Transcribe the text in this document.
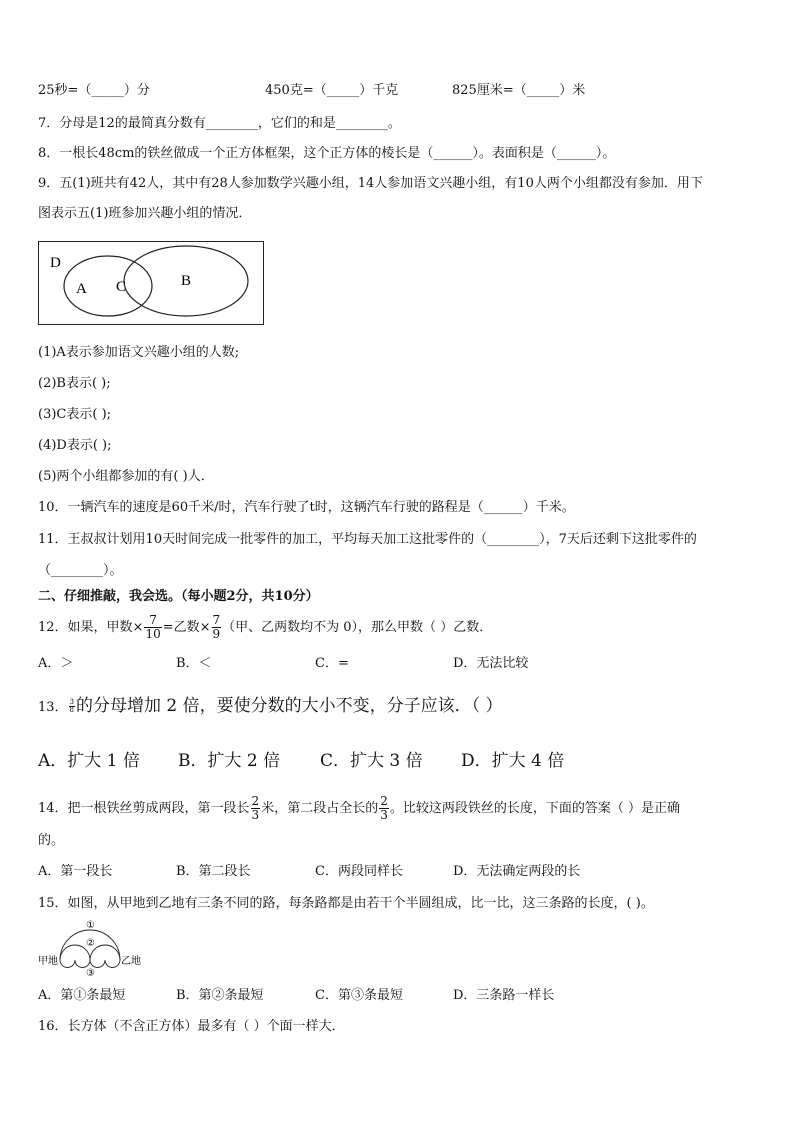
25秒=（_____）分	450克=（_____）千克	825厘米=（_____）米
7．分母是12的最简真分数有________，它们的和是________。
8．一根长48cm的铁丝做成一个正方体框架，这个正方体的棱长是（______）。表面积是（______）。
9．五(1)班共有42人，其中有28人参加数学兴趣小组，14人参加语文兴趣小组，有10人两个小组都没有参加．用下
图表示五(1)班参加兴趣小组的情况．
D
A C	B
(1)A表示参加语文兴趣小组的人数;
(2)B表示( );
(3)C表示( );
(4)D表示( );
(5)两个小组都参加的有( )人．
10．一辆汽车的速度是60千米/时，汽车行驶了t时，这辆汽车行驶的路程是（______）千米。
11．王叔叔计划用10天时间完成一批零件的加工，平均每天加工这批零件的（________），7天后还剩下这批零件的
（________）。
二、仔细推敲，我会选。（每小题2分，共10分）
12．如果，甲数× $\frac{7}{10}$ =乙数× $\frac{7}{9}$ （甲、乙两数均不为 0），那么甲数（ ）乙数．
A．＞	B．＜	C．=	D．无法比较
13． $\frac{3}{8}$ 的分母增加 2 倍，要使分数的大小不变，分子应该．（ ）
A．扩大 1 倍 B．扩大 2 倍 C．扩大 3 倍 D．扩大 4 倍
14．把一根铁丝剪成两段，第一段长 $\frac{2}{3}$ 米，第二段占全长的 $\frac{2}{3}$ 。比较这两段铁丝的长度，下面的答案（ ）是正确
的。
A．第一段长	B．第二段长	C．两段同样长	D．无法确定两段的长
15．如图，从甲地到乙地有三条不同的路，每条路都是由若干个半圆组成，比一比，这三条路的长度，( )。
①
②
③
甲地	乙地
A．第①条最短	B．第②条最短	C．第③条最短	D．三条路一样长
16．长方体（不含正方体）最多有（ ）个面一样大．
